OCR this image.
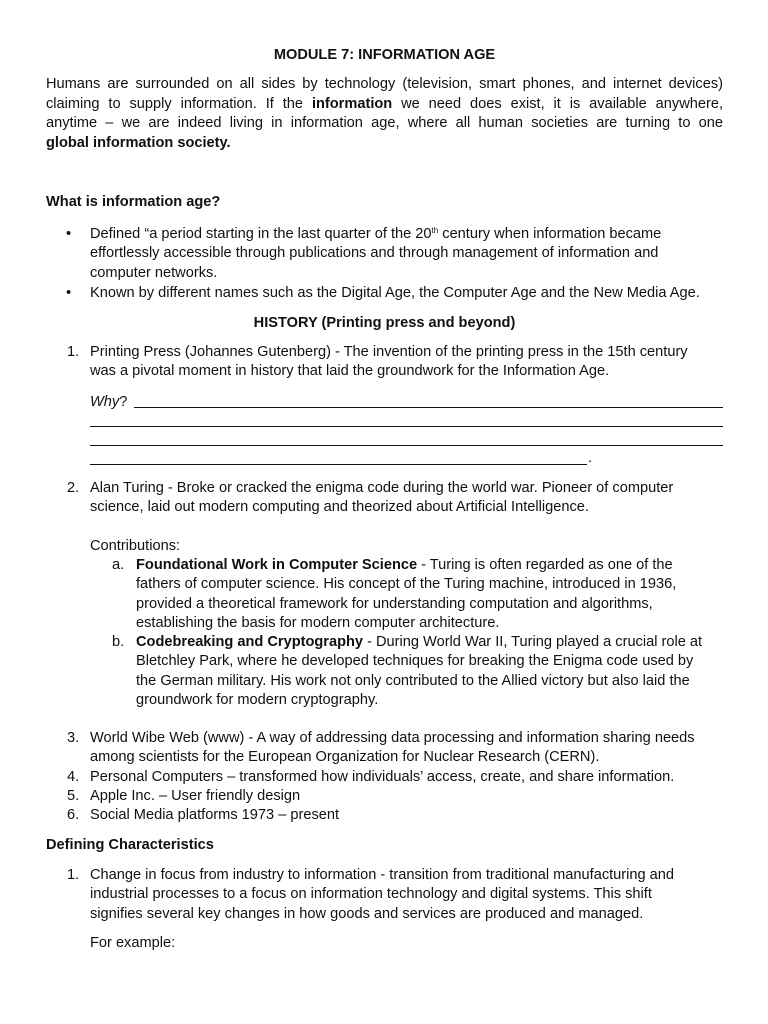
MODULE 7: INFORMATION AGE
Humans are surrounded on all sides by technology (television, smart phones, and internet devices)
claiming to supply information. If the information we need does exist, it is available anywhere,
anytime – we are indeed living in information age, where all human societies are turning to one
global information society.
What is information age?
• Defined “a period starting in the last quarter of the 20th century when information became
effortlessly accessible through publications and through management of information and
computer networks.
• Known by different names such as the Digital Age, the Computer Age and the New Media Age.
HISTORY (Printing press and beyond)
1. Printing Press (Johannes Gutenberg) - The invention of the printing press in the 15th century
was a pivotal moment in history that laid the groundwork for the Information Age.
Why?
.
2. Alan Turing - Broke or cracked the enigma code during the world war. Pioneer of computer
science, laid out modern computing and theorized about Artificial Intelligence.

Contributions:
a. Foundational Work in Computer Science - Turing is often regarded as one of the
fathers of computer science. His concept of the Turing machine, introduced in 1936,
provided a theoretical framework for understanding computation and algorithms,
establishing the basis for modern computer architecture.
b. Codebreaking and Cryptography - During World War II, Turing played a crucial role at
Bletchley Park, where he developed techniques for breaking the Enigma code used by
the German military. His work not only contributed to the Allied victory but also laid the
groundwork for modern cryptography.
3. World Wibe Web (www) - A way of addressing data processing and information sharing needs
among scientists for the European Organization for Nuclear Research (CERN).
4. Personal Computers – transformed how individuals’ access, create, and share information.
5. Apple Inc. – User friendly design
6. Social Media platforms 1973 – present
Defining Characteristics
1. Change in focus from industry to information - transition from traditional manufacturing and
industrial processes to a focus on information technology and digital systems. This shift
signifies several key changes in how goods and services are produced and managed.
For example:
